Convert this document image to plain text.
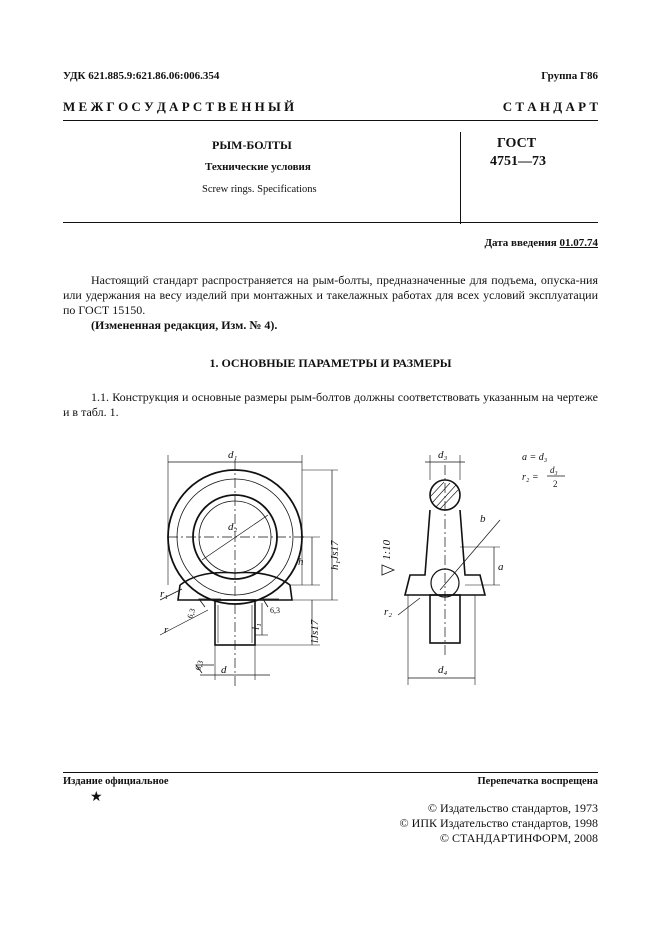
УДК 621.885.9:621.86.06:006.354	Группа Г86
М Е Ж Г О С У Д А Р С Т В Е Н Н Ы Й	С Т А Н Д А Р Т
РЫМ-БОЛТЫ
Технические условия
Screw rings. Specifications
ГОСТ
4751—73
Дата введения 01.07.74
Настоящий стандарт распространяется на рым-болты, предназначенные для подъема, опуска-ния или удержания на весу изделий при монтажных и такелажных работах для всех условий эксплуатации по ГОСТ 15150.
(Измененная редакция, Изм. № 4).
1. ОСНОВНЫЕ ПАРАМЕТРЫ И РАЗМЕРЫ
1.1. Конструкция и основные размеры рым-болтов должны соответствовать указанным на чертеже и в табл. 1.
d₁
d₂
h h₁Js17
lJs17
l₁
d
r₁
r
6,3	6,3
6,3
d₃
d₄
a
b
r₂
1:10
a = d₃
r₂ =
d₃
2
Издание официальное	Перепечатка воспрещена
★
© Издательство стандартов, 1973
© ИПК Издательство стандартов, 1998
© СТАНДАРТИНФОРМ, 2008
